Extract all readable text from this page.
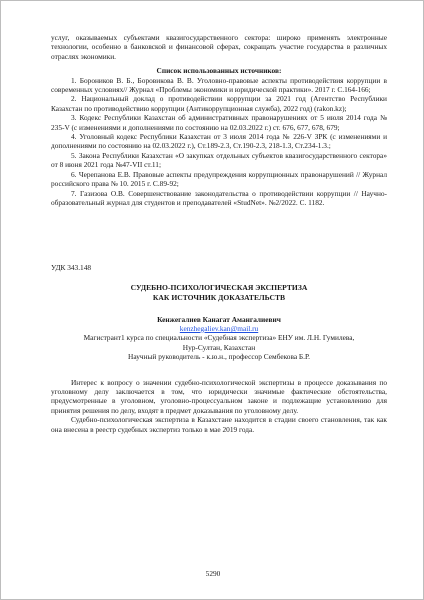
услуг, оказываемых субъектами квазигосударственного сектора: широко применять электронные технологии, особенно в банковской и финансовой сферах, сокращать участие государства в различных отраслях экономики.

Список использованных источников:

1. Бороников В. Б., Боровикова В. В. Уголовно-правовые аспекты противодействия коррупции в современных условиях// Журнал «Проблемы экономики и юридической практики». 2017 г. С.164-166;

2. Национальный доклад о противодействии коррупции за 2021 год (Агентство Республики Казахстан по противодействию коррупции (Антикоррупционная служба), 2022 год) (rakon.kz);

3. Кодекс Республики Казахстан об административных правонарушениях от 5 июля 2014 года № 235-V (с изменениями и дополнениями по состоянию на 02.03.2022 г.) ст. 676, 677, 678, 679;

4. Уголовный кодекс Республики Казахстан от 3 июля 2014 года № 226-V ЗРК (с изменениями и дополнениями по состоянию на 02.03.2022 г.), Ст.189-2.3, Ст.190-2.3, 218-1.3, Ст.234-1.3.;

5. Закона Республики Казахстан «О закупках отдельных субъектов квазигосударственного сектора» от 8 июня 2021 года №47-VII ст.11;

6. Черепанова Е.В. Правовые аспекты предупреждения коррупционных правонарушений // Журнал российского права № 10. 2015 г. С.89-92;

7. Газизова О.В. Совершенствование законодательства о противодействии коррупции // Научно-образовательный журнал для студентов и преподавателей «StudNet». №2/2022. С. 1182.

УДК 343.148

СУДЕБНО-ПСИХОЛОГИЧЕСКАЯ ЭКСПЕРТИЗА
КАК ИСТОЧНИК ДОКАЗАТЕЛЬСТВ

Кенжегалиев Канагат Амангалиевич

kenzhegaliev.kan@mail.ru

Магистрант1 курса по специальности «Судебная экспертиза» ЕНУ им. Л.Н. Гумилева,

Нур-Султан, Казахстан

Научный руководитель - к.ю.н., профессор Сембекова Б.Р.

Интерес к вопросу о значении судебно-психологической экспертизы в процессе доказывания по уголовному делу заключается в том, что юридически значимые фактические обстоятельства, предусмотренные в уголовном, уголовно-процессуальном законе и подлежащие установлению для принятия решения по делу, входят в предмет доказывания по уголовному делу.

Судебно-психологическая экспертиза в Казахстане находится в стадии своего становления, так как она внесена в реестр судебных экспертиз только в мае 2019 года.

5290
